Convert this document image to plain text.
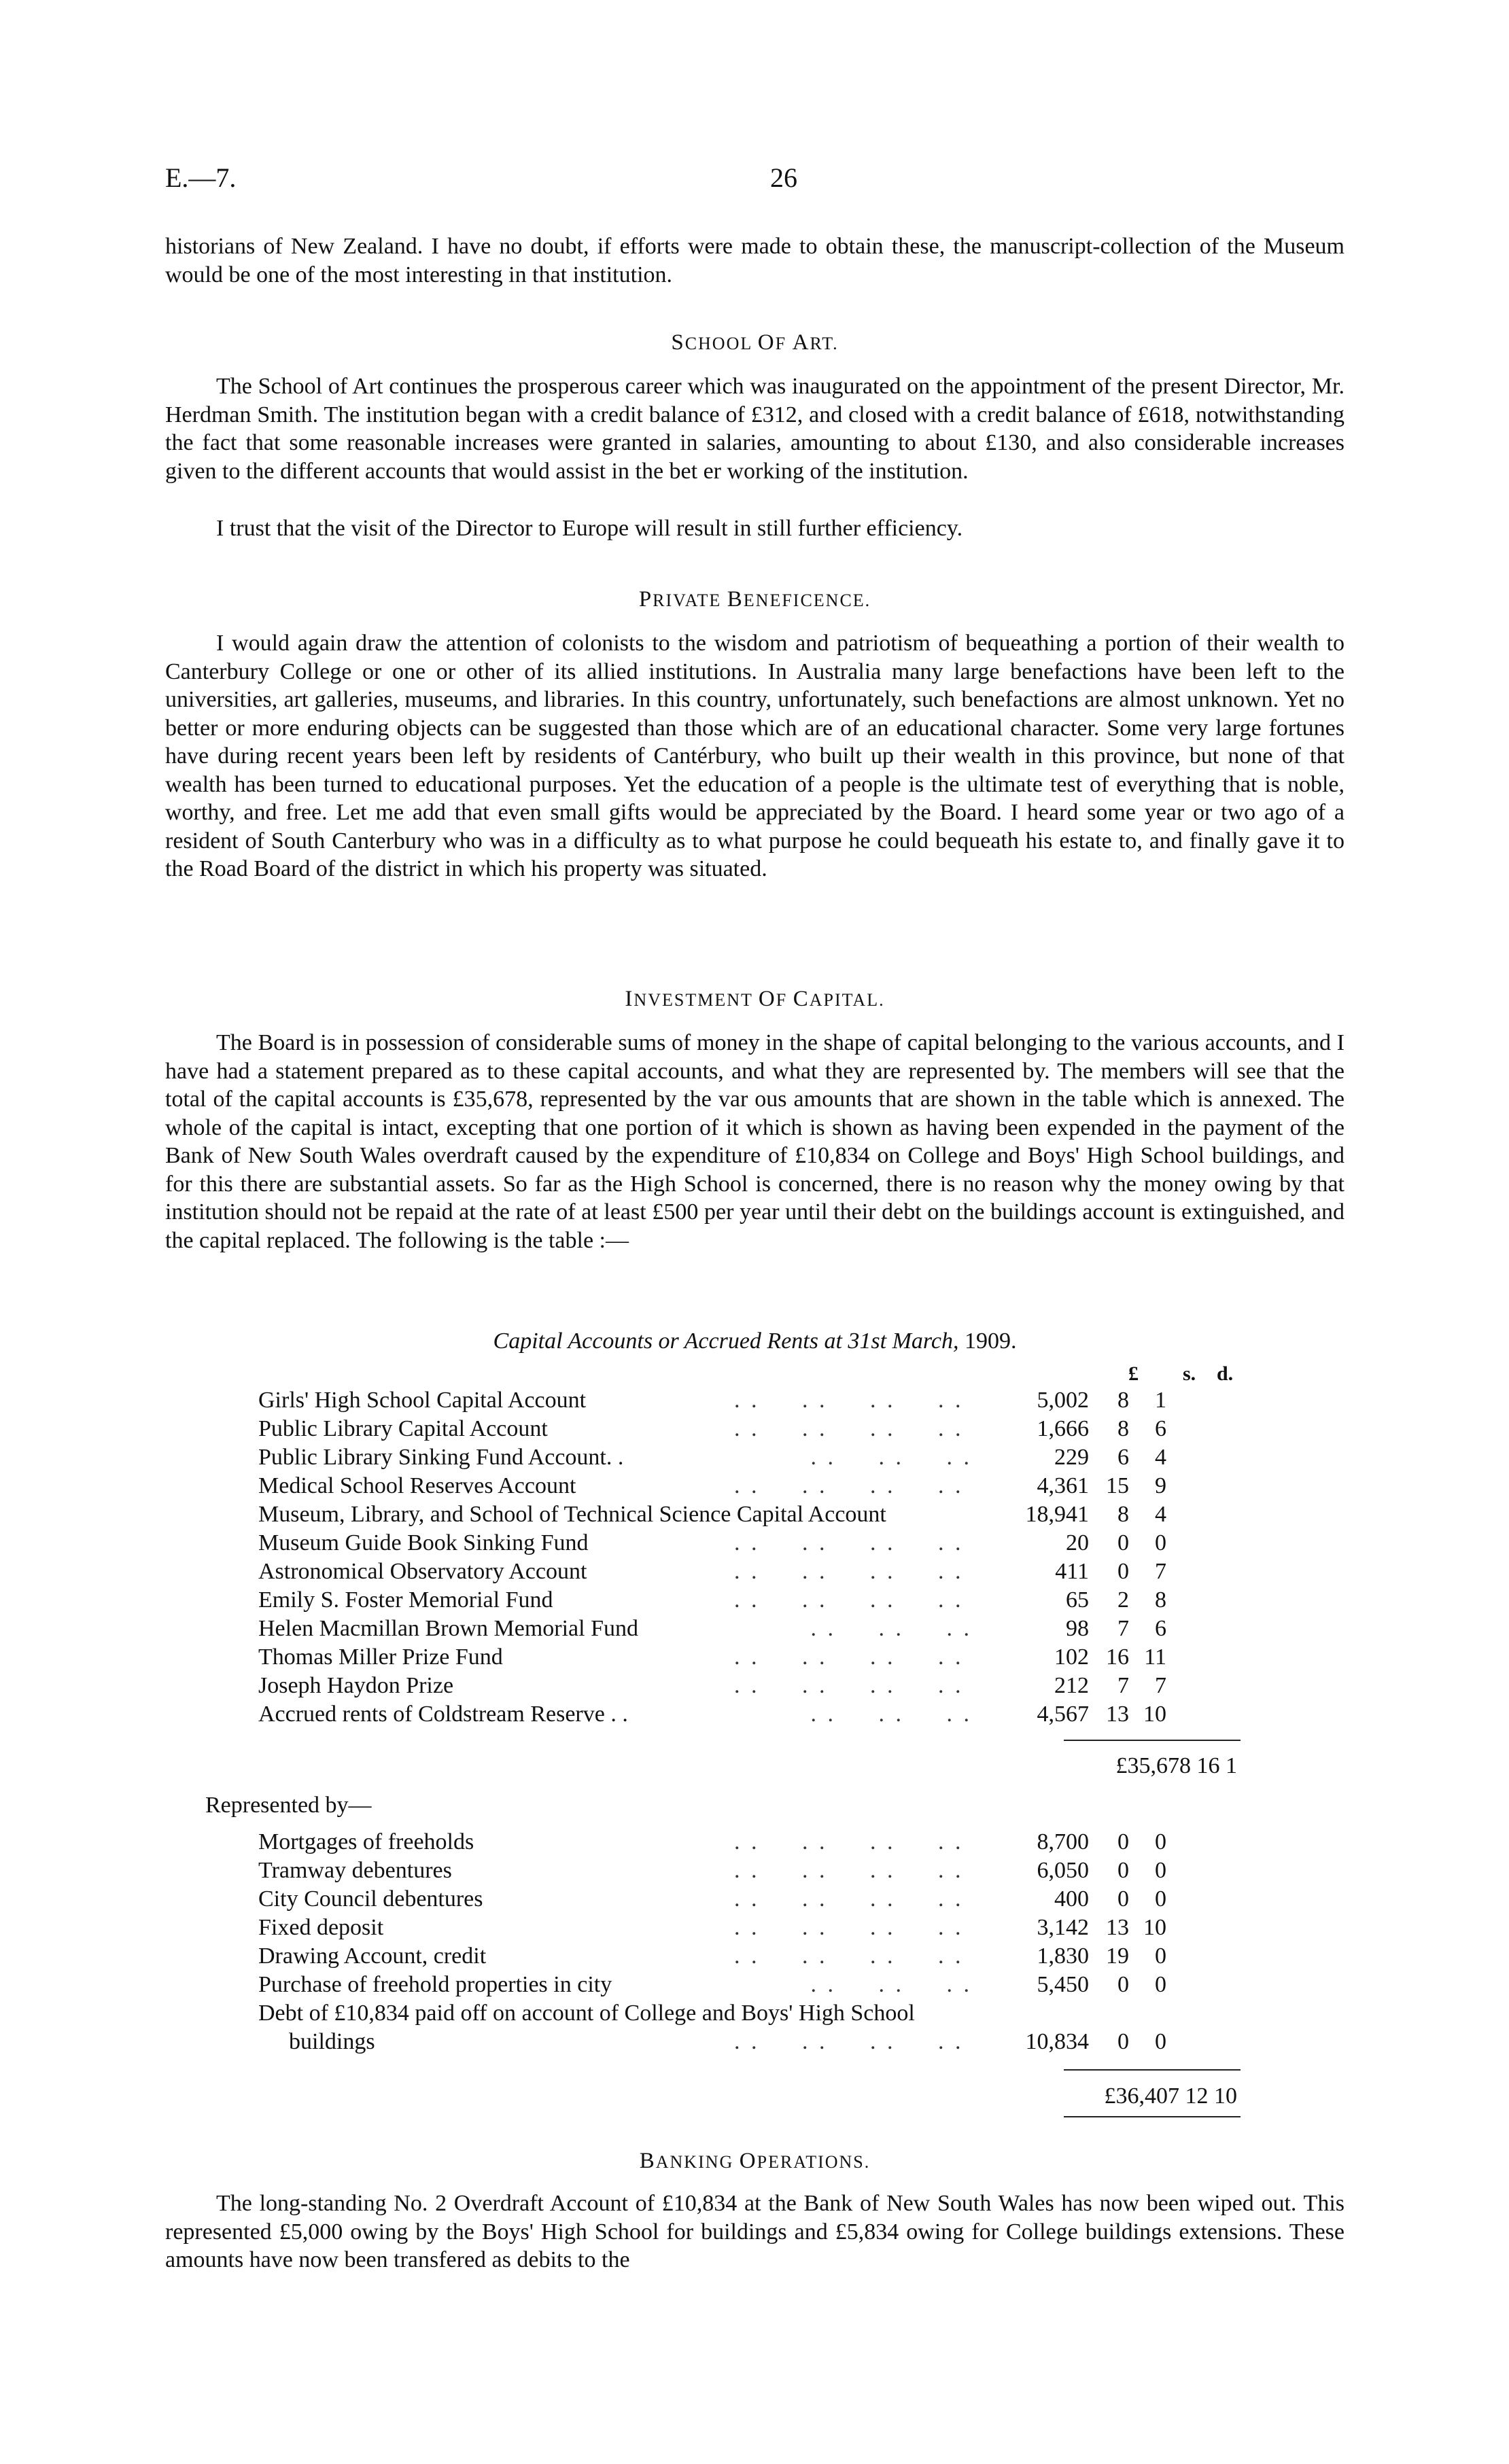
E.—7.	26

historians of New Zealand. I have no doubt, if efforts were made to obtain these, the manuscript-collection of the Museum would be one of the most interesting in that institution.

SCHOOL OF ART.

The School of Art continues the prosperous career which was inaugurated on the appointment of the present Director, Mr. Herdman Smith. The institution began with a credit balance of £312, and closed with a credit balance of £618, notwithstanding the fact that some reasonable increases were granted in salaries, amounting to about £130, and also considerable increases given to the different accounts that would assist in the bet er working of the institution.

I trust that the visit of the Director to Europe will result in still further efficiency.

PRIVATE BENEFICENCE.

I would again draw the attention of colonists to the wisdom and patriotism of bequeathing a portion of their wealth to Canterbury College or one or other of its allied institutions. In Australia many large benefactions have been left to the universities, art galleries, museums, and libraries. In this country, unfortunately, such benefactions are almost unknown. Yet no better or more enduring objects can be suggested than those which are of an educational character. Some very large fortunes have during recent years been left by residents of Cantérbury, who built up their wealth in this province, but none of that wealth has been turned to educational purposes. Yet the education of a people is the ultimate test of everything that is noble, worthy, and free. Let me add that even small gifts would be appreciated by the Board. I heard some year or two ago of a resident of South Canterbury who was in a difficulty as to what purpose he could bequeath his estate to, and finally gave it to the Road Board of the district in which his property was situated.

INVESTMENT OF CAPITAL.

The Board is in possession of considerable sums of money in the shape of capital belonging to the various accounts, and I have had a statement prepared as to these capital accounts, and what they are represented by. The members will see that the total of the capital accounts is £35,678, represented by the var ous amounts that are shown in the table which is annexed. The whole of the capital is intact, excepting that one portion of it which is shown as having been expended in the payment of the Bank of New South Wales overdraft caused by the expenditure of £10,834 on College and Boys' High School buildings, and for this there are substantial assets. So far as the High School is concerned, there is no reason why the money owing by that institution should not be repaid at the rate of at least £500 per year until their debt on the buildings account is extinguished, and the capital replaced. The following is the table :—

Capital Accounts or Accrued Rents at 31st March, 1909.
£ s. d.
Girls' High School Capital Account	. .     . .     . .     . .	5,002	8	1
Public Library Capital Account	. .     . .     . .     . .	1,666	8	6
Public Library Sinking Fund Account. .	. .     . .     . .	229	6	4
Medical School Reserves Account	. .     . .     . .     . .	4,361 15	9
Museum, Library, and School of Technical Science Capital Account	18,941	8	4
Museum Guide Book Sinking Fund	. .     . .     . .     . .	20	0	0
Astronomical Observatory Account	. .     . .     . .     . .	411	0	7
Emily S. Foster Memorial Fund	. .     . .     . .     . .	65	2	8
Helen Macmillan Brown Memorial Fund	. .     . .     . .	98	7	6
Thomas Miller Prize Fund	. .     . .     . .     . .	102 16 11
Joseph Haydon Prize	. .     . .     . .     . .	212	7	7
Accrued rents of Coldstream Reserve . .	. .     . .     . .	4,567 13 10
£35,678 16 1
Represented by—
Mortgages of freeholds	. .     . .     . .     . .	8,700	0	0
Tramway debentures	. .     . .     . .     . .	6,050	0	0
City Council debentures	. .     . .     . .     . .	400	0	0
Fixed deposit	. .     . .     . .     . .	3,142 13 10
Drawing Account, credit	. .     . .     . .     . .	1,830 19	0
Purchase of freehold properties in city	. .     . .     . .	5,450	0	0
Debt of £10,834 paid off on account of College and Boys' High School
buildings	. .     . .     . .     . .	10,834	0	0
£36,407 12 10
BANKING OPERATIONS.

The long-standing No. 2 Overdraft Account of £10,834 at the Bank of New South Wales has now been wiped out. This represented £5,000 owing by the Boys' High School for buildings and £5,834 owing for College buildings extensions. These amounts have now been transfered as debits to the
